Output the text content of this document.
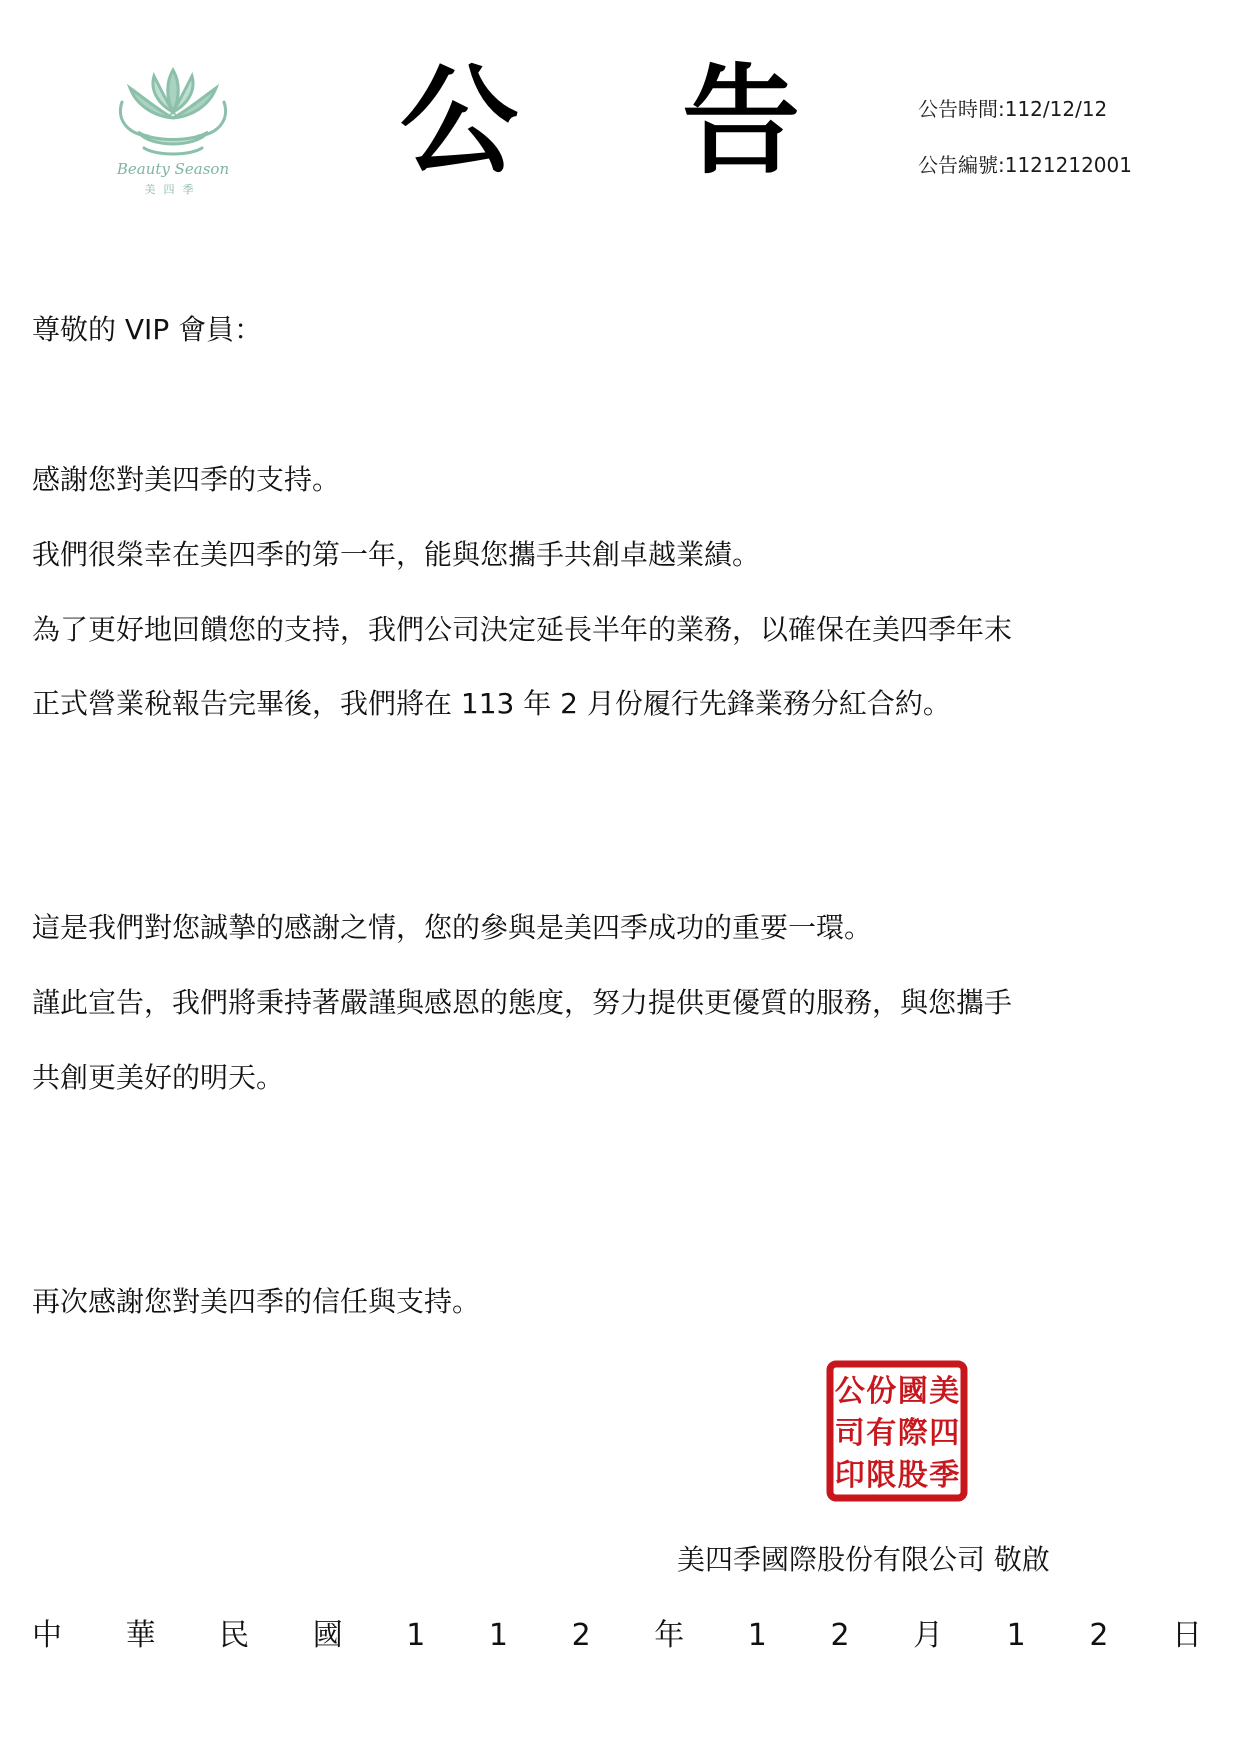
Beauty Season
美四季	公 告	公告時間:112/12/12
公告編號:1121212001
尊敬的 VIP 會員：
感謝您對美四季的支持。
我們很榮幸在美四季的第一年，能與您攜手共創卓越業績。
為了更好地回饋您的支持，我們公司決定延長半年的業務，以確保在美四季年末
正式營業稅報告完畢後，我們將在 113 年 2 月份履行先鋒業務分紅合約。
這是我們對您誠摯的感謝之情，您的參與是美四季成功的重要一環。
謹此宣告，我們將秉持著嚴謹與感恩的態度，努力提供更優質的服務，與您攜手
共創更美好的明天。
再次感謝您對美四季的信任與支持。
美
四
季
國
際
股
份
有
限
公
司
印
美四季國際股份有限公司 敬啟
中 華 民 國 1 1 2 年 1 2 月 1 2 日
